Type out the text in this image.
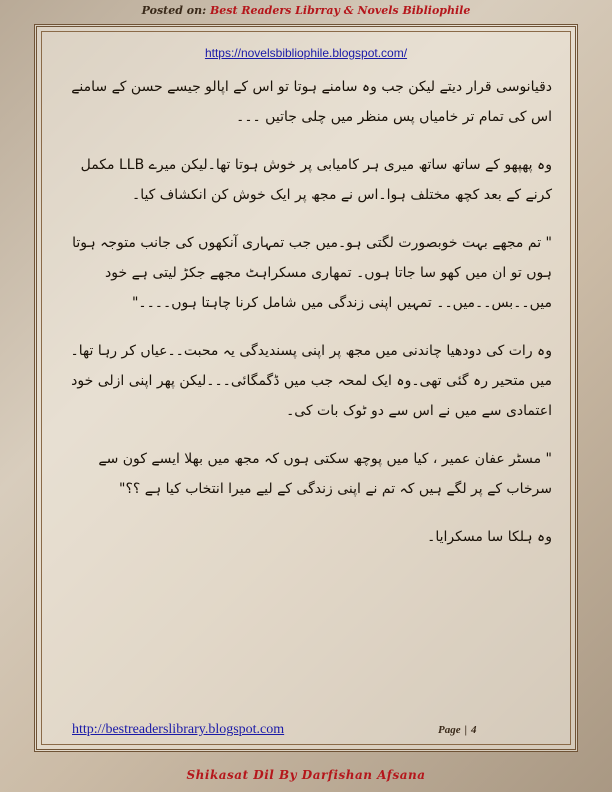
Posted on: Best Readers Librray & Novels Bibliophile
https://novelsbibliophile.blogspot.com/

دقیانوسی قرار دیتے لیکن جب وہ سامنے ہوتا تو اس کے اپالو جیسے حسن کے سامنے اس کی تمام تر خامیاں پس منظر میں چلی جاتیں ۔۔۔

وہ پھپھو کے ساتھ ساتھ میری ہر کامیابی پر خوش ہوتا تھا۔لیکن میرے LLB مکمل کرنے کے بعد کچھ مختلف ہوا۔اس نے مجھ پر ایک خوش کن انکشاف کیا۔

" تم مجھے بہت خوبصورت لگتی ہو۔میں جب تمہاری آنکھوں کی جانب متوجہ ہوتا ہوں تو ان میں کھو سا جاتا ہوں۔ تمھاری مسکراہٹ مجھے جکڑ لیتی ہے خود میں۔۔بس۔۔میں۔۔ تمہیں اپنی زندگی میں شامل کرنا چاہتا ہوں۔۔۔۔"

وہ رات کی دودھیا چاندنی میں مجھ پر اپنی پسندیدگی یہ محبت۔۔عیاں کر رہا تھا۔میں متحیر رہ گئی تھی۔وہ ایک لمحہ جب میں ڈگمگائی۔۔۔لیکن پھر اپنی ازلی خود اعتمادی سے میں نے اس سے دو ٹوک بات کی۔

" مسٹر عفان عمیر ، کیا میں پوچھ سکتی ہوں کہ مجھ میں بھلا ایسے کون سے سرخاب کے پر لگے ہیں کہ تم نے اپنی زندگی کے لیے میرا انتخاب کیا ہے ؟؟"

وہ ہلکا سا مسکرایا۔

http://bestreaderslibrary.blogspot.com	Page | 4
Shikasat Dil By Darfishan Afsana
